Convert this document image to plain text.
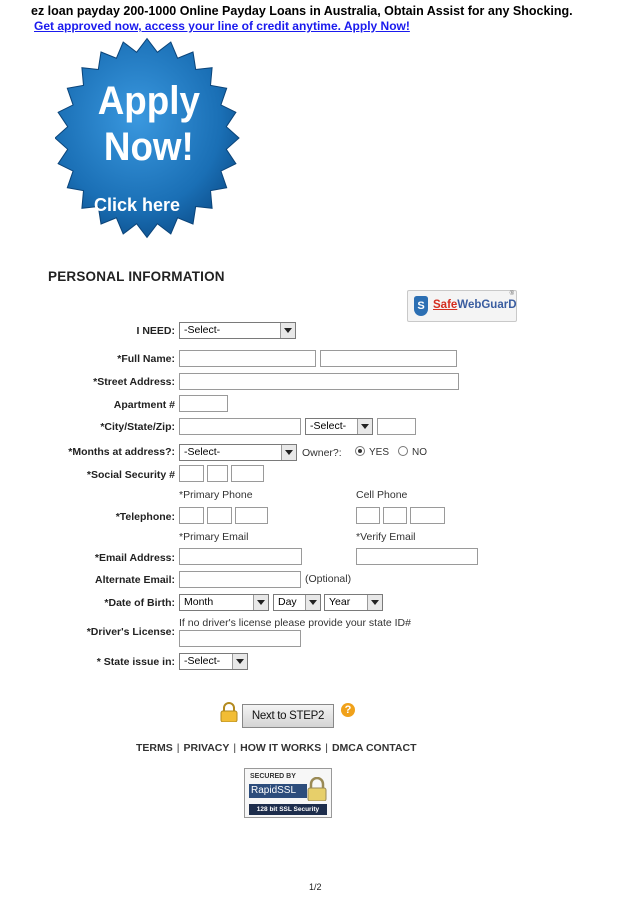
ez loan payday 200-1000 Online Payday Loans in Australia, Obtain Assist for any Shocking.
Get approved now, access your line of credit anytime. Apply Now!
Apply
Now!
Click here
PERSONAL INFORMATION
S SafeWebGuarD
®
I NEED: -Select-
*Full Name:
*Street Address:
Apartment #
*City/State/Zip:	-Select-
*Months at address?: -Select-	Owner?:	YES NO
*Social Security #
*Primary Phone	Cell Phone
*Telephone:
*Primary Email	*Verify Email
*Email Address:
Alternate Email:	(Optional)
*Date of Birth: Month	Day	Year
If no driver's license please provide your state ID#
*Driver's License:
* State issue in: -Select-
Next to STEP2	?
TERMS | PRIVACY | HOW IT WORKS | DMCA CONTACT
SECURED BY
RapidSSL
128 bit SSL Security
1/2
